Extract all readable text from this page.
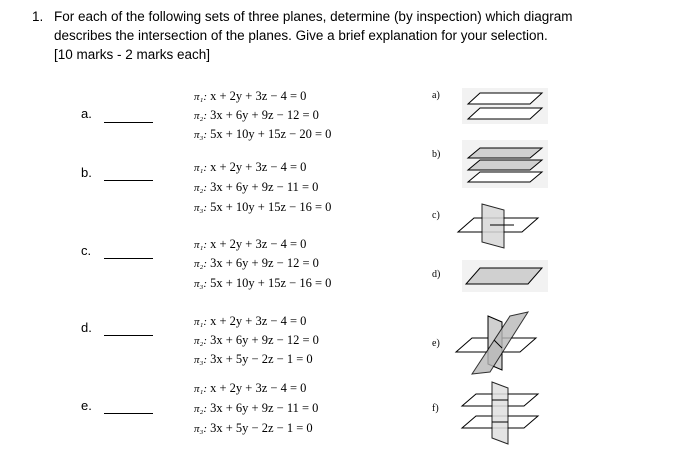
1. For each of the following sets of three planes, determine (by inspection) which diagram
describes the intersection of the planes. Give a brief explanation for your selection.
[10 marks - 2 marks each]
a.
π₁: x + 2y + 3z − 4 = 0
π₂: 3x + 6y + 9z − 12 = 0
π₃: 5x + 10y + 15z − 20 = 0
b.	π₁: x + 2y + 3z − 4 = 0
π₂: 3x + 6y + 9z − 11 = 0
π₃: 5x + 10y + 15z − 16 = 0
c.	π₁: x + 2y + 3z − 4 = 0
π₂: 3x + 6y + 9z − 12 = 0
π₃: 5x + 10y + 15z − 16 = 0
d.	π₁: x + 2y + 3z − 4 = 0
π₂: 3x + 6y + 9z − 12 = 0
π₃: 3x + 5y − 2z − 1 = 0
e.
π₁: x + 2y + 3z − 4 = 0
π₂: 3x + 6y + 9z − 11 = 0
π₃: 3x + 5y − 2z − 1 = 0
a)
b)
c)
d)
e)
f)
